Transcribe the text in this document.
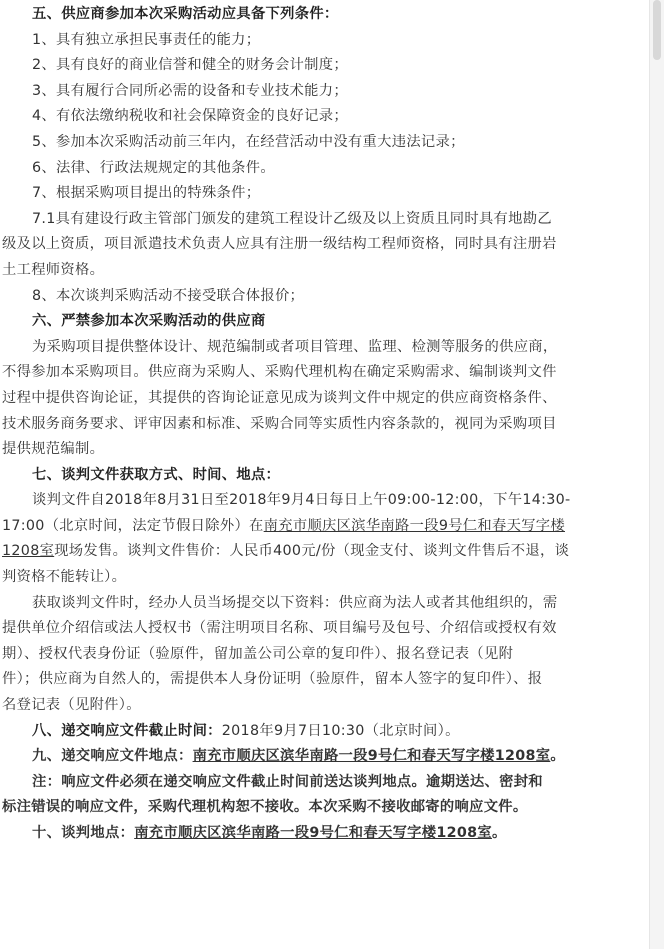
五、供应商参加本次采购活动应具备下列条件：
1、具有独立承担民事责任的能力；
2、具有良好的商业信誉和健全的财务会计制度；
3、具有履行合同所必需的设备和专业技术能力；
4、有依法缴纳税收和社会保障资金的良好记录；
5、参加本次采购活动前三年内，在经营活动中没有重大违法记录；
6、法律、行政法规规定的其他条件。
7、根据采购项目提出的特殊条件；
7.1具有建设行政主管部门颁发的建筑工程设计乙级及以上资质且同时具有地勘乙
级及以上资质，项目派遣技术负责人应具有注册一级结构工程师资格，同时具有注册岩
土工程师资格。
8、本次谈判采购活动不接受联合体报价；
六、严禁参加本次采购活动的供应商
为采购项目提供整体设计、规范编制或者项目管理、监理、检测等服务的供应商，
不得参加本采购项目。供应商为采购人、采购代理机构在确定采购需求、编制谈判文件
过程中提供咨询论证，其提供的咨询论证意见成为谈判文件中规定的供应商资格条件、
技术服务商务要求、评审因素和标准、采购合同等实质性内容条款的，视同为采购项目
提供规范编制。
七、谈判文件获取方式、时间、地点：
谈判文件自2018年8月31日至2018年9月4日每日上午09:00-12:00，下午14:30-
17:00（北京时间，法定节假日除外）在南充市顺庆区滨华南路一段9号仁和春天写字楼
1208室现场发售。谈判文件售价：人民币400元/份（现金支付、谈判文件售后不退，谈
判资格不能转让）。
获取谈判文件时，经办人员当场提交以下资料：供应商为法人或者其他组织的，需
提供单位介绍信或法人授权书（需注明项目名称、项目编号及包号、介绍信或授权有效
期）、授权代表身份证（验原件，留加盖公司公章的复印件）、报名登记表（见附
件）；供应商为自然人的，需提供本人身份证明（验原件，留本人签字的复印件）、报
名登记表（见附件）。
八、递交响应文件截止时间：2018年9月7日10:30（北京时间）。
九、递交响应文件地点：南充市顺庆区滨华南路一段9号仁和春天写字楼1208室。
注：响应文件必须在递交响应文件截止时间前送达谈判地点。逾期送达、密封和
标注错误的响应文件，采购代理机构恕不接收。本次采购不接收邮寄的响应文件。
十、谈判地点：南充市顺庆区滨华南路一段9号仁和春天写字楼1208室。
